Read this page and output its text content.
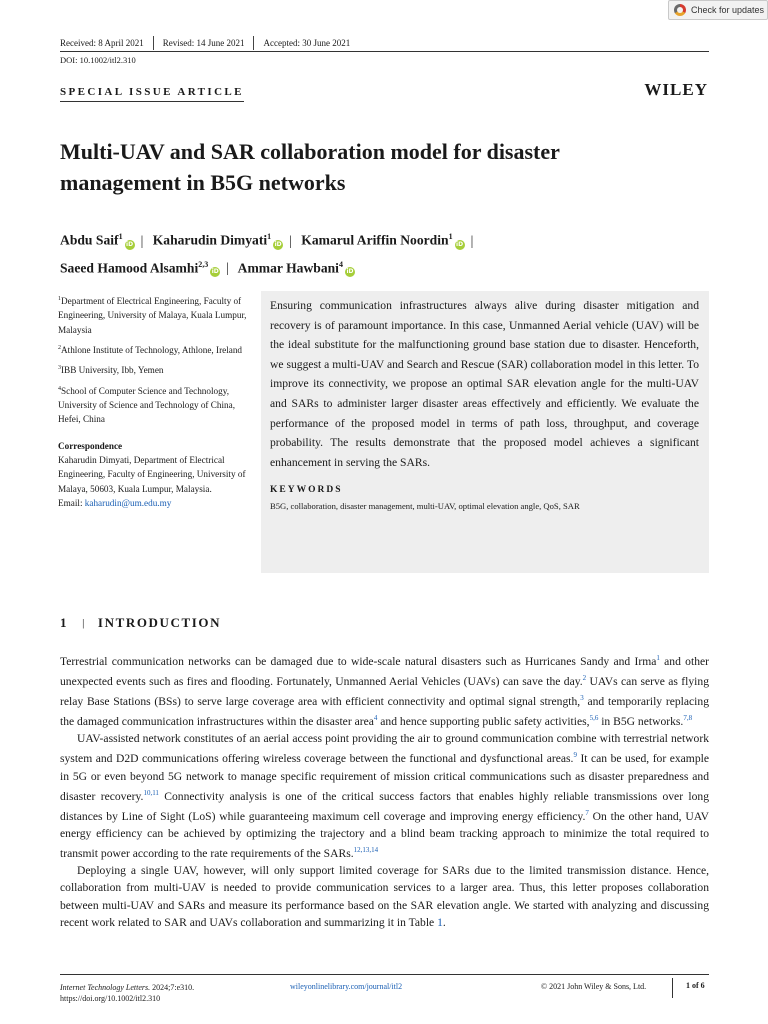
Check for updates
Received: 8 April 2021	Revised: 14 June 2021	Accepted: 30 June 2021
DOI: 10.1002/itl2.310
SPECIAL ISSUE ARTICLE	WILEY
Multi-UAV and SAR collaboration model for disaster management in B5G networks
Abdu Saif$^1$iD | Kaharudin Dimyati$^1$iD | Kamarul Ariffin Noordin$^1$iD |
Saeed Hamood Alsamhi$^{2,3}$iD | Ammar Hawbani$^4$iD

$^1$Department of Electrical Engineering, Faculty of Engineering, University of Malaya, Kuala Lumpur, Malaysia

$^2$Athlone Institute of Technology, Athlone, Ireland

$^3$IBB University, Ibb, Yemen

$^4$School of Computer Science and Technology, University of Science and Technology of China, Hefei, China

Correspondence
Kaharudin Dimyati, Department of Electrical Engineering, Faculty of Engineering, University of Malaya, 50603, Kuala Lumpur, Malaysia.
Email: kaharudin@um.edu.my
Ensuring communication infrastructures always alive during disaster mitigation and recovery is of paramount importance. In this case, Unmanned Aerial vehicle (UAV) will be the ideal substitute for the malfunctioning ground base station due to disaster. Henceforth, we suggest a multi-UAV and Search and Rescue (SAR) collaboration model in this letter. To improve its connectivity, we propose an optimal SAR elevation angle for the multi-UAV and SARs to administer larger disaster areas effectively and efficiently. We evaluate the performance of the proposed model in terms of path loss, throughput, and coverage probability. The results demonstrate that the proposed model achieves a significant enhancement in serving the SARs.
KEYWORDS
B5G, collaboration, disaster management, multi-UAV, optimal elevation angle, QoS, SAR
1 | INTRODUCTION

Terrestrial communication networks can be damaged due to wide-scale natural disasters such as Hurricanes Sandy and Irma$^1$ and other unexpected events such as fires and flooding. Fortunately, Unmanned Aerial Vehicles (UAVs) can save the day.$^2$ UAVs can serve as flying relay Base Stations (BSs) to serve large coverage area with efficient connectivity and optimal signal strength,$^3$ and temporarily replacing the damaged communication infrastructures within the disaster area$^4$ and hence supporting public safety activities,$^{5,6}$ in B5G networks.$^{7,8}$

UAV-assisted network constitutes of an aerial access point providing the air to ground communication combine with terrestrial network system and D2D communications offering wireless coverage between the functional and dysfunctional areas.$^9$ It can be used, for example in 5G or even beyond 5G network to manage specific requirement of mission critical communications such as disaster preparedness and disaster recovery.$^{10,11}$ Connectivity analysis is one of the critical success factors that enables highly reliable transmissions over long distances by Line of Sight (LoS) while guaranteeing maximum cell coverage and improving energy efficiency.$^7$ On the other hand, UAV energy efficiency can be achieved by optimizing the trajectory and a blind beam tracking approach to minimize the total required to transmit power according to the rate requirements of the SARs.$^{12,13,14}$

Deploying a single UAV, however, will only support limited coverage for SARs due to the limited transmission distance. Hence, collaboration from multi-UAV is needed to provide communication services to a larger area. Thus, this letter proposes collaboration between multi-UAV and SARs and measure its performance based on the SAR elevation angle. We started with analyzing and discussing recent work related to SAR and UAVs collaboration and summarizing it in Table 1.

Internet Technology Letters. 2024;7:e310.
https://doi.org/10.1002/itl2.310
wileyonlinelibrary.com/journal/itl2	© 2021 John Wiley & Sons, Ltd.	1 of 6
